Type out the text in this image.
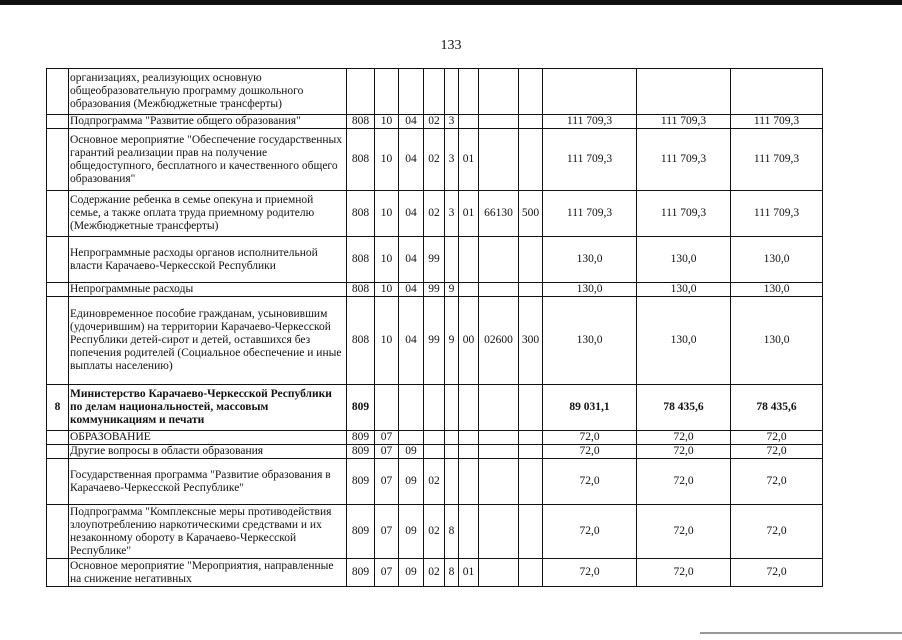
133
	организациях, реализующих основную общеобразовательную программу дошкольного образования (Межбюджетные трансферты)											
	Подпрограмма "Развитие общего образования"	808	10	04	02	3				111 709,3	111 709,3	111 709,3
	Основное мероприятие "Обеспечение государственных гарантий реализации прав на получение общедоступного, бесплатного и качественного общего образования"	808	10	04	02	3	01			111 709,3	111 709,3	111 709,3
	Содержание ребенка в семье опекуна и приемной семье, а также оплата труда приемному родителю (Межбюджетные трансферты)	808	10	04	02	3	01	66130	500	111 709,3	111 709,3	111 709,3
	Непрограммные расходы органов исполнительной власти Карачаево-Черкесской Республики	808	10	04	99					130,0	130,0	130,0
	Непрограммные расходы	808	10	04	99	9				130,0	130,0	130,0
	Единовременное пособие гражданам, усыновившим (удочерившим) на территории Карачаево-Черкесской Республики детей-сирот и детей, оставшихся без попечения родителей (Социальное обеспечение и иные выплаты населению)	808	10	04	99	9	00	02600	300	130,0	130,0	130,0
8	Министерство Карачаево-Черкесской Республики по делам национальностей, массовым коммуникациям и печати	809								89 031,1	78 435,6	78 435,6
	ОБРАЗОВАНИЕ	809	07							72,0	72,0	72,0
	Другие вопросы в области образования	809	07	09						72,0	72,0	72,0
	Государственная программа "Развитие образования в Карачаево-Черкесской Республике"	809	07	09	02					72,0	72,0	72,0
	Подпрограмма "Комплексные меры противодействия злоупотреблению наркотическими средствами и их незаконному обороту в Карачаево-Черкесской Республике"	809	07	09	02	8				72,0	72,0	72,0
	Основное мероприятие "Мероприятия, направленные на снижение негативных	809	07	09	02	8	01			72,0	72,0	72,0
